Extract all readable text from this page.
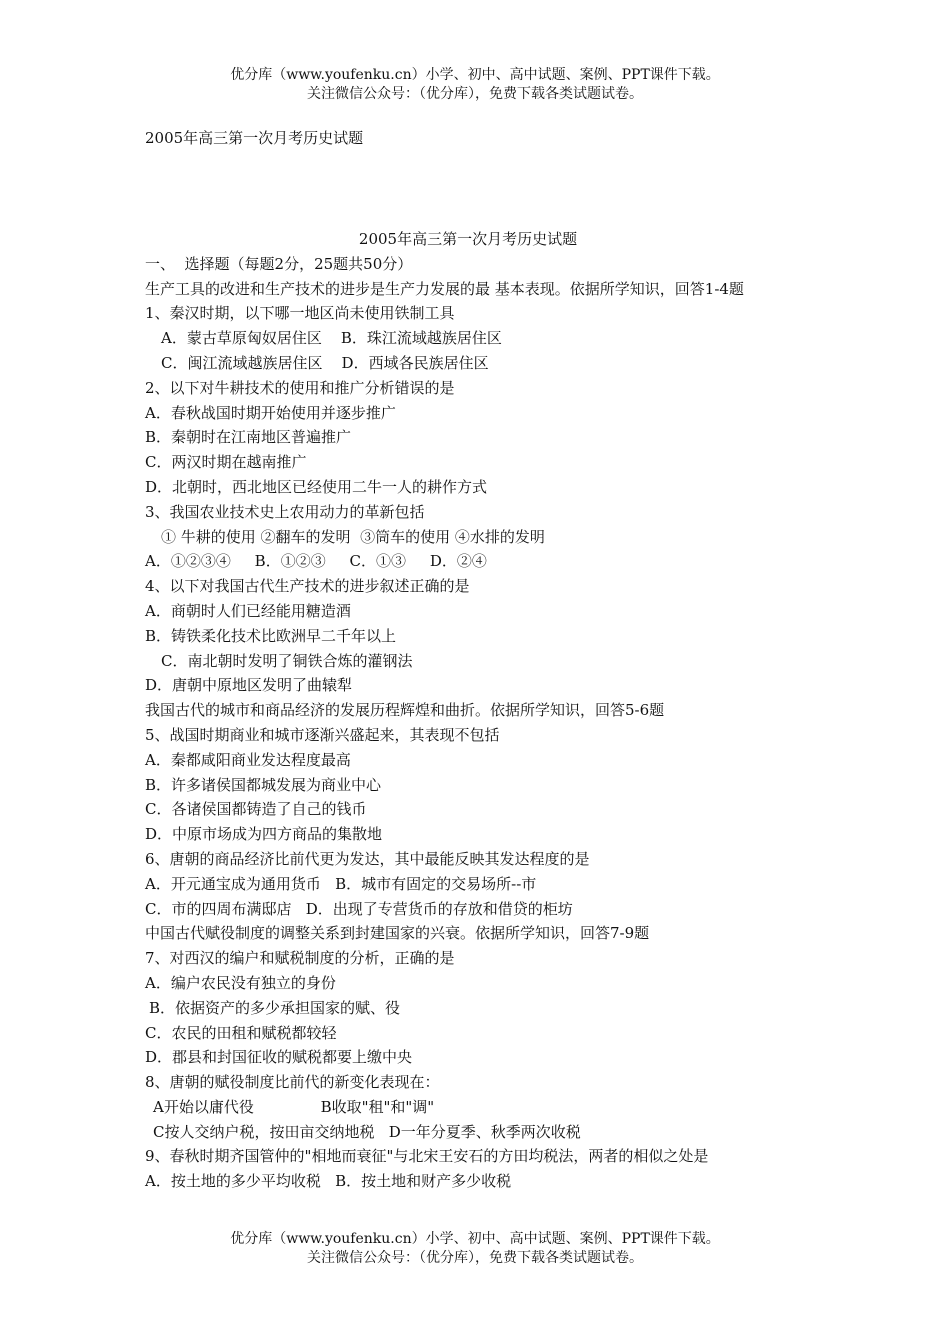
优分库（www.youfenku.cn）小学、初中、高中试题、案例、PPT课件下载。
关注微信公众号：（优分库），免费下载各类试题试卷。
2005年高三第一次月考历史试题
2005年高三第一次月考历史试题
一、  选择题（每题2分，25题共50分）
生产工具的改进和生产技术的进步是生产力发展的最 基本表现。依据所学知识，回答1-4题
1、秦汉时期，以下哪一地区尚未使用铁制工具
A．蒙古草原匈奴居住区    B．珠江流域越族居住区
C．闽江流域越族居住区    D．西域各民族居住区
2、以下对牛耕技术的使用和推广分析错误的是
A．春秋战国时期开始使用并逐步推广
B．秦朝时在江南地区普遍推广
C．两汉时期在越南推广
D．北朝时，西北地区已经使用二牛一人的耕作方式
3、我国农业技术史上农用动力的革新包括
① 牛耕的使用 ②翻车的发明  ③筒车的使用 ④水排的发明
A．①②③④     B．①②③     C．①③     D．②④
4、以下对我国古代生产技术的进步叙述正确的是
A．商朝时人们已经能用糖造酒
B．铸铁柔化技术比欧洲早二千年以上
C．南北朝时发明了铜铁合炼的灌钢法
D．唐朝中原地区发明了曲辕犁
我国古代的城市和商品经济的发展历程辉煌和曲折。依据所学知识，回答5-6题
5、战国时期商业和城市逐渐兴盛起来，其表现不包括
A．秦都咸阳商业发达程度最高
B．许多诸侯国都城发展为商业中心
C．各诸侯国都铸造了自己的钱币
D．中原市场成为四方商品的集散地
6、唐朝的商品经济比前代更为发达，其中最能反映其发达程度的是
A．开元通宝成为通用货币   B．城市有固定的交易场所--市
C．市的四周布满邸店   D．出现了专营货币的存放和借贷的柜坊
中国古代赋役制度的调整关系到封建国家的兴衰。依据所学知识，回答7-9题
7、对西汉的编户和赋税制度的分析，正确的是
A．编户农民没有独立的身份
B．依据资产的多少承担国家的赋、役
C．农民的田租和赋税都较轻
D．郡县和封国征收的赋税都要上缴中央
8、唐朝的赋役制度比前代的新变化表现在：
A开始以庸代役              B收取"租"和"调"
C按人交纳户税，按田亩交纳地税   D一年分夏季、秋季两次收税
9、春秋时期齐国管仲的"相地而衰征"与北宋王安石的方田均税法，两者的相似之处是
A．按土地的多少平均收税   B．按土地和财产多少收税
优分库（www.youfenku.cn）小学、初中、高中试题、案例、PPT课件下载。
关注微信公众号：（优分库），免费下载各类试题试卷。
